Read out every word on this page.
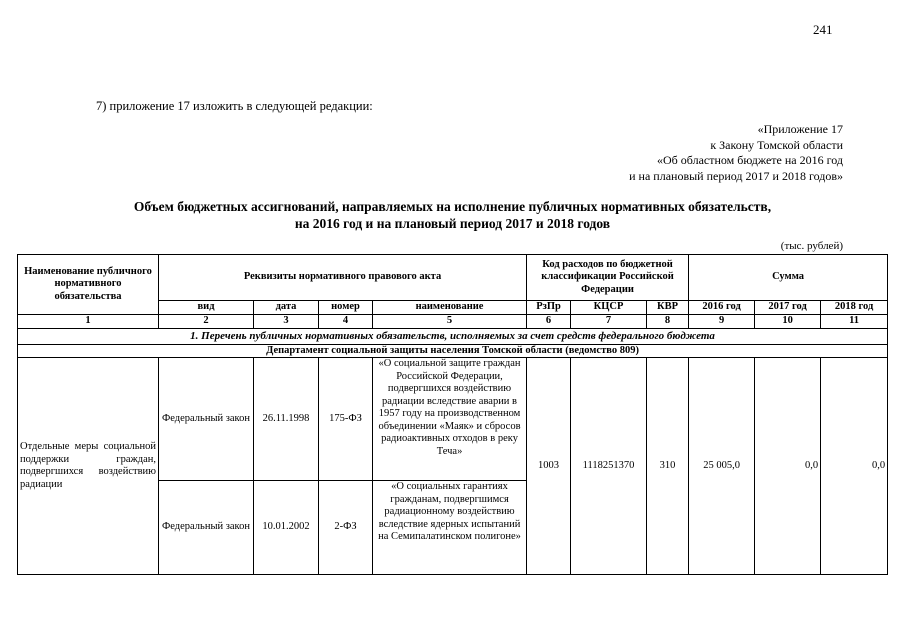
241
7) приложение 17 изложить в следующей редакции:
«Приложение 17
к Закону Томской области
«Об областном бюджете на 2016 год
и на плановый период 2017 и 2018 годов»
Объем бюджетных ассигнований, направляемых на исполнение публичных нормативных обязательств,
на 2016 год и на плановый период 2017 и 2018 годов
(тыс. рублей)
Наименование публичного нормативного обязательства	Реквизиты нормативного правового акта				Код расходов по бюджетной классификации Российской Федерации			Сумма		
	вид	дата	номер	наименование	РзПр	КЦСР	КВР	2016 год	2017 год	2018 год
1	2	3	4	5	6	7	8	9	10	11
1. Перечень публичных нормативных обязательств, исполняемых за счет средств федерального бюджета										
Департамент социальной защиты населения Томской области (ведомство 809)										
Отдельные меры социальной поддержки граждан, подвергшихся воздействию радиации	Федеральный закон	26.11.1998	175-ФЗ	«О социальной защите граждан Российской Федерации, подвергшихся воздействию радиации вследствие аварии в 1957 году на производственном объединении «Маяк» и сбросов радиоактивных отходов в реку Теча»	1003	1118251370	310	25 005,0	0,0	0,0
	Федеральный закон	10.01.2002	2-ФЗ	«О социальных гарантиях гражданам, подвергшимся радиационному воздействию вследствие ядерных испытаний на Семипалатинском полигоне»						
